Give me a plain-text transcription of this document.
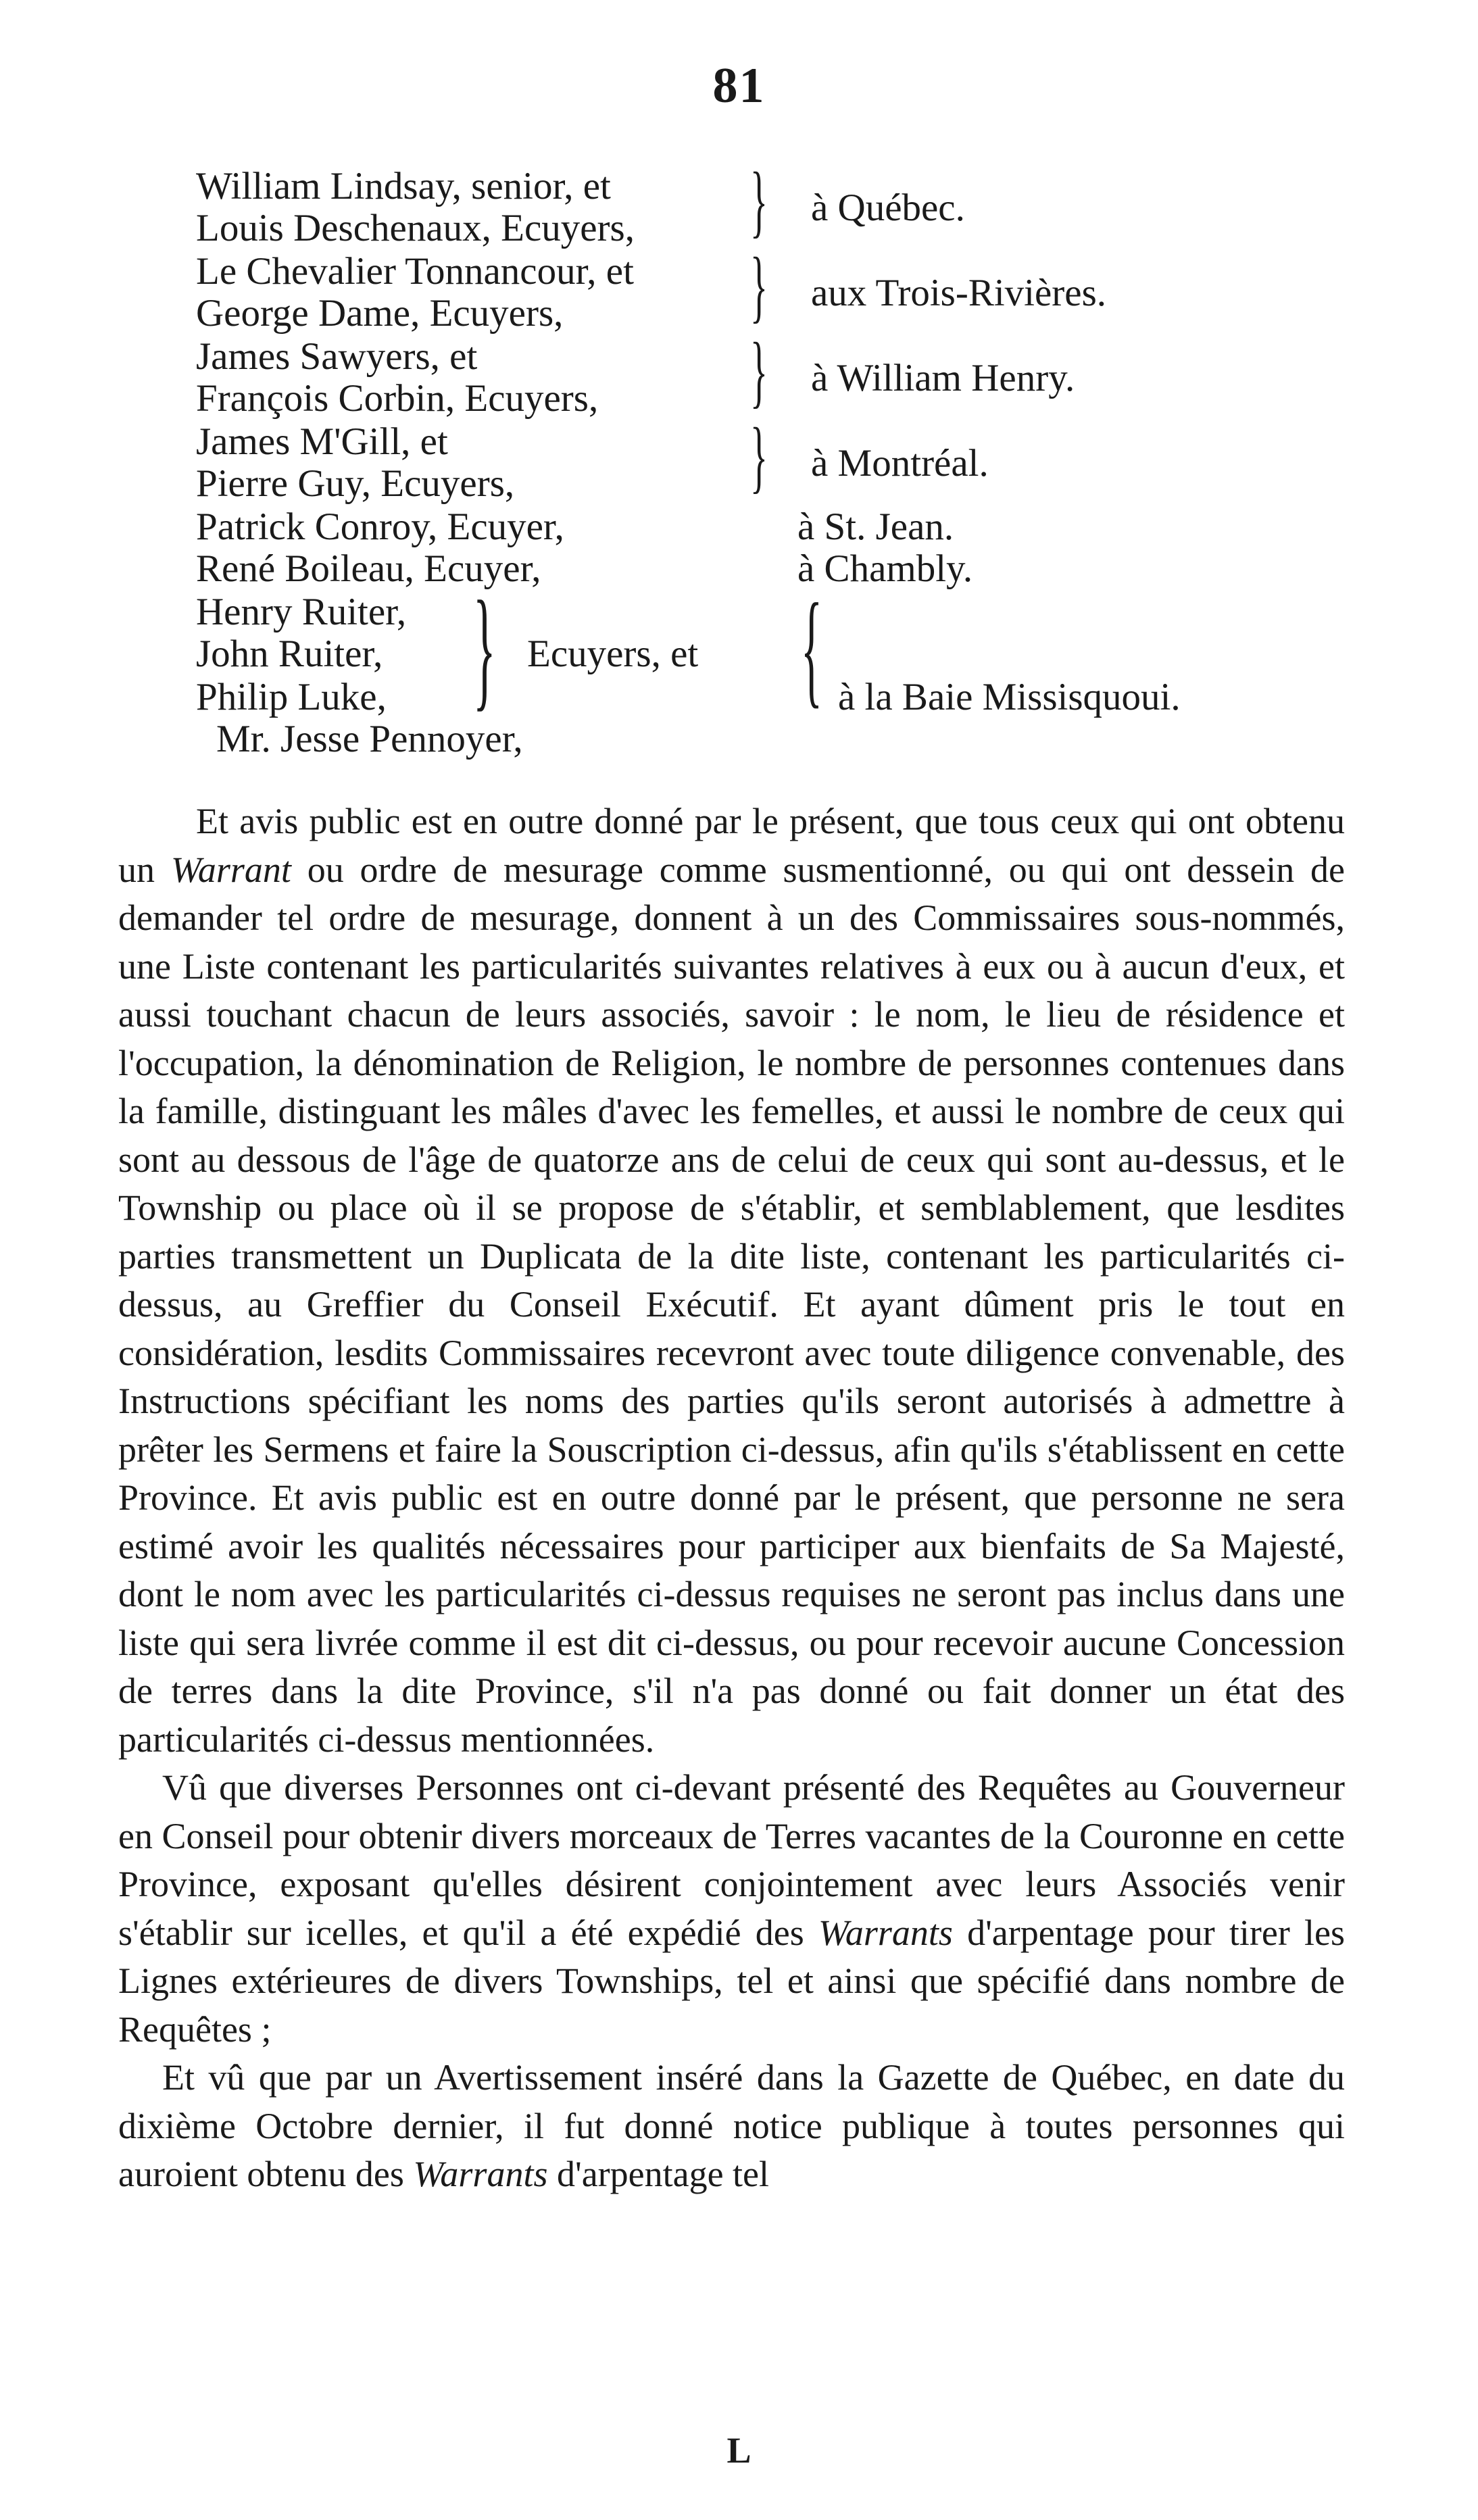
81
William Lindsay, senior, et
Louis Deschenaux, Ecuyers,
Le Chevalier Tonnancour, et
George Dame, Ecuyers,
James Sawyers, et
François Corbin, Ecuyers,
James M'Gill, et
Pierre Guy, Ecuyers,
Patrick Conroy, Ecuyer,
René Boileau, Ecuyer,
Henry Ruiter,
John Ruiter,
Philip Luke,
Mr. Jesse Pennoyer,
}
}
}
}
à Québec.
aux Trois-Rivières.
à William Henry.
à Montréal.
à St. Jean.
à Chambly.
} Ecuyers, et { à la Baie Missisquoui.

Et avis public est en outre donné par le présent, que tous ceux qui ont obtenu un Warrant ou ordre de mesurage comme susmentionné, ou qui ont dessein de demander tel ordre de mesurage, donnent à un des Commissaires sous-nommés, une Liste contenant les particularités suivantes relatives à eux ou à aucun d'eux, et aussi touchant chacun de leurs associés, savoir : le nom, le lieu de résidence et l'occupation, la dénomination de Religion, le nombre de personnes contenues dans la famille, distinguant les mâles d'avec les femelles, et aussi le nombre de ceux qui sont au dessous de l'âge de quatorze ans de celui de ceux qui sont au-dessus, et le Township ou place où il se propose de s'établir, et semblablement, que lesdites parties transmettent un Duplicata de la dite liste, contenant les particularités ci-dessus, au Greffier du Conseil Exécutif. Et ayant dûment pris le tout en considération, lesdits Commissaires recevront avec toute diligence convenable, des Instructions spécifiant les noms des parties qu'ils seront autorisés à admettre à prêter les Sermens et faire la Souscription ci-dessus, afin qu'ils s'établissent en cette Province. Et avis public est en outre donné par le présent, que personne ne sera estimé avoir les qualités nécessaires pour participer aux bienfaits de Sa Majesté, dont le nom avec les particularités ci-dessus requises ne seront pas inclus dans une liste qui sera livrée comme il est dit ci-dessus, ou pour recevoir aucune Concession de terres dans la dite Province, s'il n'a pas donné ou fait donner un état des particularités ci-dessus mentionnées.

Vû que diverses Personnes ont ci-devant présenté des Requêtes au Gouverneur en Conseil pour obtenir divers morceaux de Terres vacantes de la Couronne en cette Province, exposant qu'elles désirent conjointement avec leurs Associés venir s'établir sur icelles, et qu'il a été expédié des Warrants d'arpentage pour tirer les Lignes extérieures de divers Townships, tel et ainsi que spécifié dans nombre de Requêtes ;

Et vû que par un Avertissement inséré dans la Gazette de Québec, en date du dixième Octobre dernier, il fut donné notice publique à toutes personnes qui auroient obtenu des Warrants d'arpentage tel

L
